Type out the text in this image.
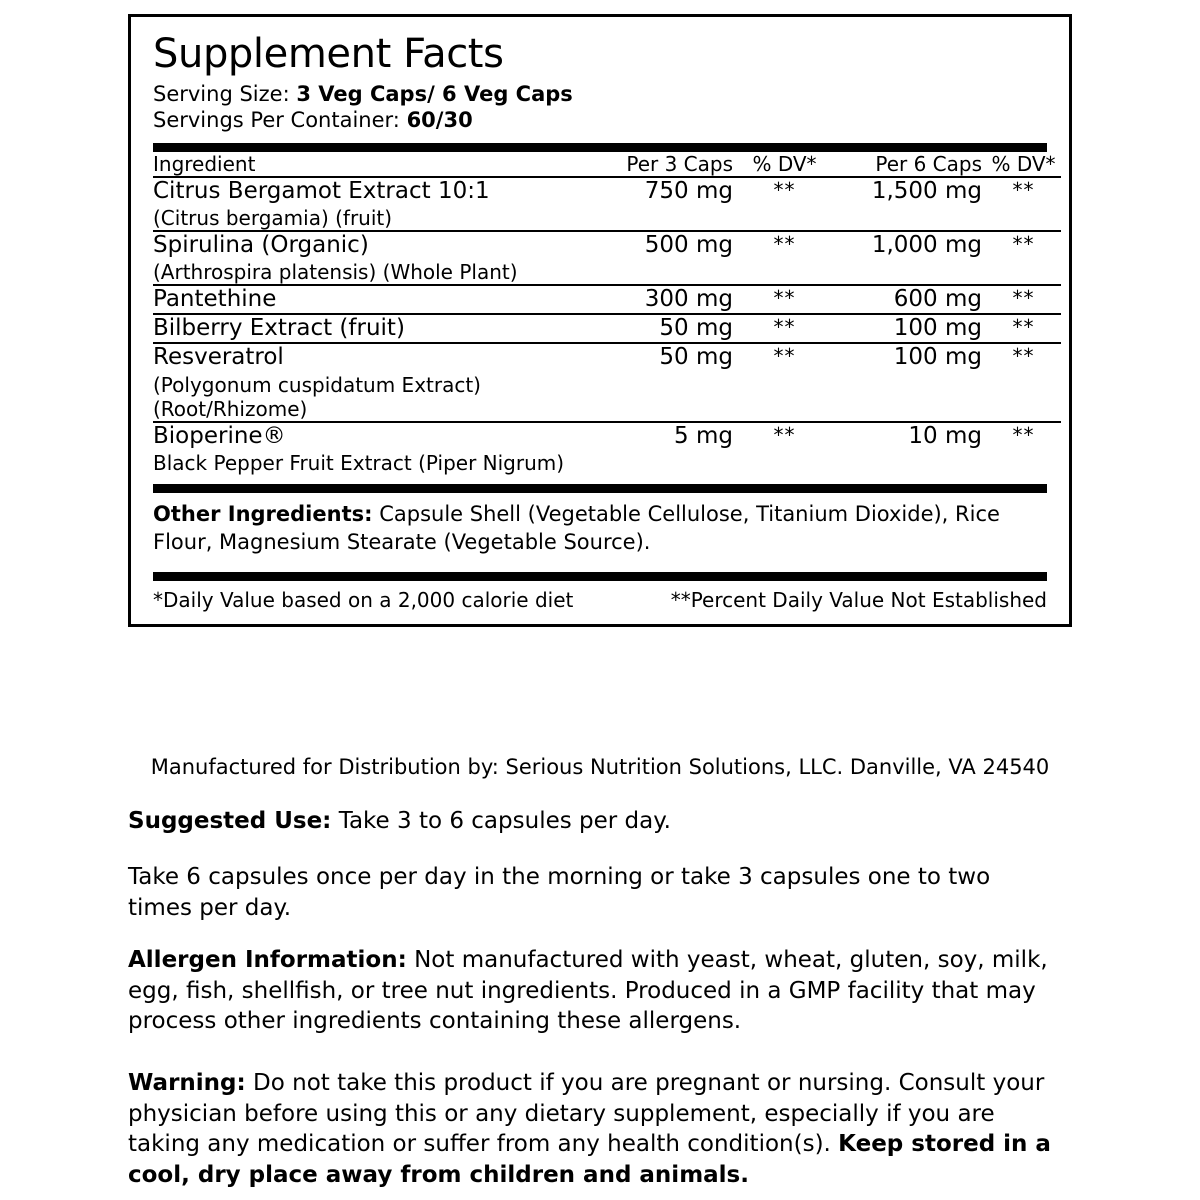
Supplement Facts
Serving Size: 3 Veg Caps/ 6 Veg Caps
Servings Per Container: 60/30
Ingredient	Per 3 Caps	% DV*	Per 6 Caps	% DV*
Citrus Bergamot Extract 10:1
(Citrus bergamia) (fruit)	750 mg	**	1,500 mg	**
Spirulina (Organic)
(Arthrospira platensis) (Whole Plant)	500 mg	**	1,000 mg	**
Pantethine	300 mg	**	600 mg	**
Bilberry Extract (fruit)	50 mg	**	100 mg	**
Resveratrol
(Polygonum cuspidatum Extract) (Root/Rhizome)	50 mg	**	100 mg	**
Bioperine®
Black Pepper Fruit Extract (Piper Nigrum)	5 mg	**	10 mg	**
Other Ingredients: Capsule Shell (Vegetable Cellulose, Titanium Dioxide), Rice Flour, Magnesium Stearate (Vegetable Source).
*Daily Value based on a 2,000 calorie diet	**Percent Daily Value Not Established
Manufactured for Distribution by: Serious Nutrition Solutions, LLC. Danville, VA 24540
Suggested Use: Take 3 to 6 capsules per day.
Take 6 capsules once per day in the morning or take 3 capsules one to two times per day.
Allergen Information: Not manufactured with yeast, wheat, gluten, soy, milk, egg, fish, shellfish, or tree nut ingredients. Produced in a GMP facility that may process other ingredients containing these allergens.
Warning: Do not take this product if you are pregnant or nursing. Consult your physician before using this or any dietary supplement, especially if you are taking any medication or suffer from any health condition(s). Keep stored in a cool, dry place away from children and animals.
